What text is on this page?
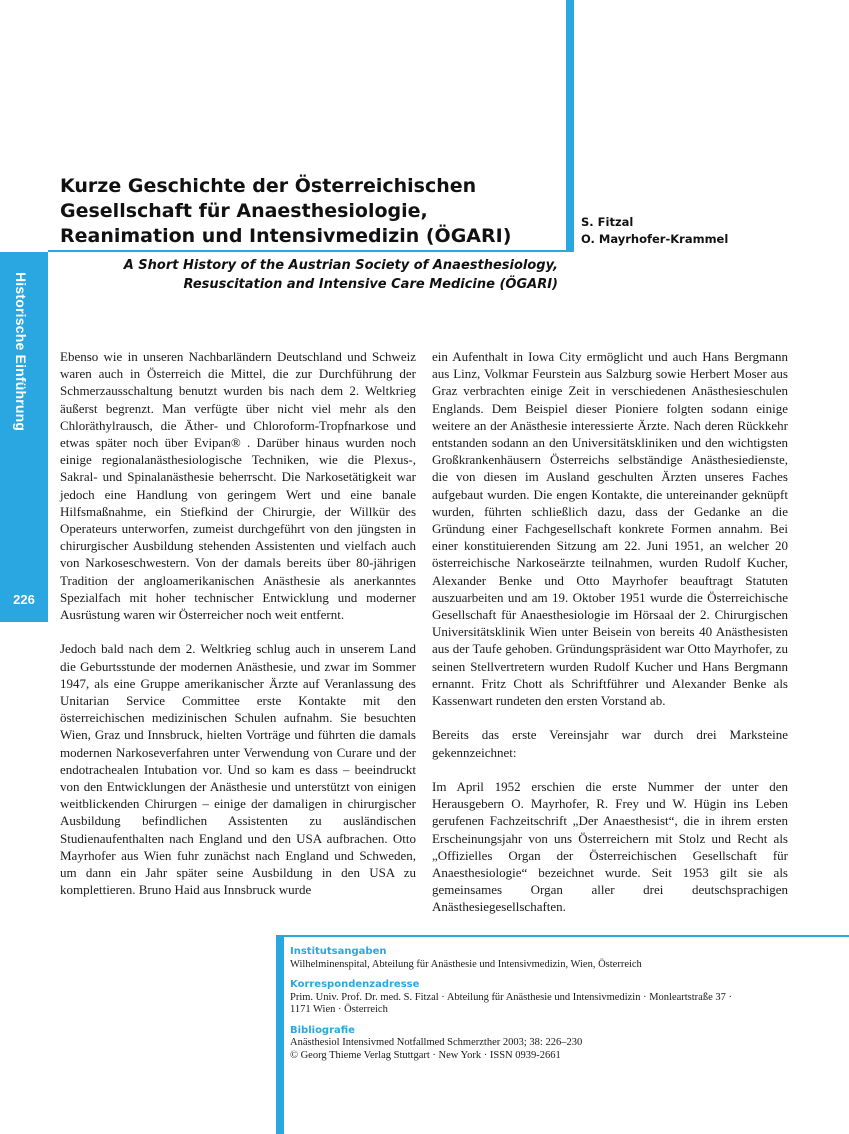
Historische Einführung
226
Kurze Geschichte der Österreichischen Gesellschaft für Anaesthesiologie, Reanimation und Intensivmedizin (ÖGARI)
S. Fitzal
O. Mayrhofer-Krammel

A Short History of the Austrian Society of Anaesthesiology, Resuscitation and Intensive Care Medicine (ÖGARI)

Ebenso wie in unseren Nachbarländern Deutschland und Schweiz waren auch in Österreich die Mittel, die zur Durchführung der Schmerzausschaltung benutzt wurden bis nach dem 2. Weltkrieg äußerst begrenzt. Man verfügte über nicht viel mehr als den Chloräthylrausch, die Äther- und Chloroform-Tropfnarkose und etwas später noch über Evipan® . Darüber hinaus wurden noch einige regionalanästhesiologische Techniken, wie die Plexus-, Sakral- und Spinalanästhesie beherrscht. Die Narkosetätigkeit war jedoch eine Handlung von geringem Wert und eine banale Hilfsmaßnahme, ein Stiefkind der Chirurgie, der Willkür des Operateurs unterworfen, zumeist durchgeführt von den jüngsten in chirurgischer Ausbildung stehenden Assistenten und vielfach auch von Narkoseschwestern. Von der damals bereits über 80-jährigen Tradition der angloamerikanischen Anästhesie als anerkanntes Spezialfach mit hoher technischer Entwicklung und moderner Ausrüstung waren wir Österreicher noch weit entfernt.

Jedoch bald nach dem 2. Weltkrieg schlug auch in unserem Land die Geburtsstunde der modernen Anästhesie, und zwar im Sommer 1947, als eine Gruppe amerikanischer Ärzte auf Veranlassung des Unitarian Service Committee erste Kontakte mit den österreichischen medizinischen Schulen aufnahm. Sie besuchten Wien, Graz und Innsbruck, hielten Vorträge und führten die damals modernen Narkoseverfahren unter Verwendung von Curare und der endotrachealen Intubation vor. Und so kam es dass – beeindruckt von den Entwicklungen der Anästhesie und unterstützt von einigen weitblickenden Chirurgen – einige der damaligen in chirurgischer Ausbildung befindlichen Assistenten zu ausländischen Studienaufenthalten nach England und den USA aufbrachen. Otto Mayrhofer aus Wien fuhr zunächst nach England und Schweden, um dann ein Jahr später seine Ausbildung in den USA zu komplettieren. Bruno Haid aus Innsbruck wurde

ein Aufenthalt in Iowa City ermöglicht und auch Hans Bergmann aus Linz, Volkmar Feurstein aus Salzburg sowie Herbert Moser aus Graz verbrachten einige Zeit in verschiedenen Anästhesieschulen Englands. Dem Beispiel dieser Pioniere folgten sodann einige weitere an der Anästhesie interessierte Ärzte. Nach deren Rückkehr entstanden sodann an den Universitätskliniken und den wichtigsten Großkrankenhäusern Österreichs selbständige Anästhesiedienste, die von diesen im Ausland geschulten Ärzten unseres Faches aufgebaut wurden. Die engen Kontakte, die untereinander geknüpft wurden, führten schließlich dazu, dass der Gedanke an die Gründung einer Fachgesellschaft konkrete Formen annahm. Bei einer konstituierenden Sitzung am 22. Juni 1951, an welcher 20 österreichische Narkoseärzte teilnahmen, wurden Rudolf Kucher, Alexander Benke und Otto Mayrhofer beauftragt Statuten auszuarbeiten und am 19. Oktober 1951 wurde die Österreichische Gesellschaft für Anaesthesiologie im Hörsaal der 2. Chirurgischen Universitätsklinik Wien unter Beisein von bereits 40 Anästhesisten aus der Taufe gehoben. Gründungspräsident war Otto Mayrhofer, zu seinen Stellvertretern wurden Rudolf Kucher und Hans Bergmann ernannt. Fritz Chott als Schriftführer und Alexander Benke als Kassenwart rundeten den ersten Vorstand ab.

Bereits das erste Vereinsjahr war durch drei Marksteine gekennzeichnet:

Im April 1952 erschien die erste Nummer der unter den Herausgebern O. Mayrhofer, R. Frey und W. Hügin ins Leben gerufenen Fachzeitschrift „Der Anaesthesist“, die in ihrem ersten Erscheinungsjahr von uns Österreichern mit Stolz und Recht als „Offizielles Organ der Österreichischen Gesellschaft für Anaesthesiologie“ bezeichnet wurde. Seit 1953 gilt sie als gemeinsames Organ aller drei deutschsprachigen Anästhesiegesellschaften.

Institutsangaben
Wilhelminenspital, Abteilung für Anästhesie und Intensivmedizin, Wien, Österreich
Korrespondenzadresse
Prim. Univ. Prof. Dr. med. S. Fitzal · Abteilung für Anästhesie und Intensivmedizin · Monleartstraße 37 ·
1171 Wien · Österreich
Bibliografie
Anästhesiol Intensivmed Notfallmed Schmerzther 2003; 38: 226–230
© Georg Thieme Verlag Stuttgart · New York · ISSN 0939-2661
